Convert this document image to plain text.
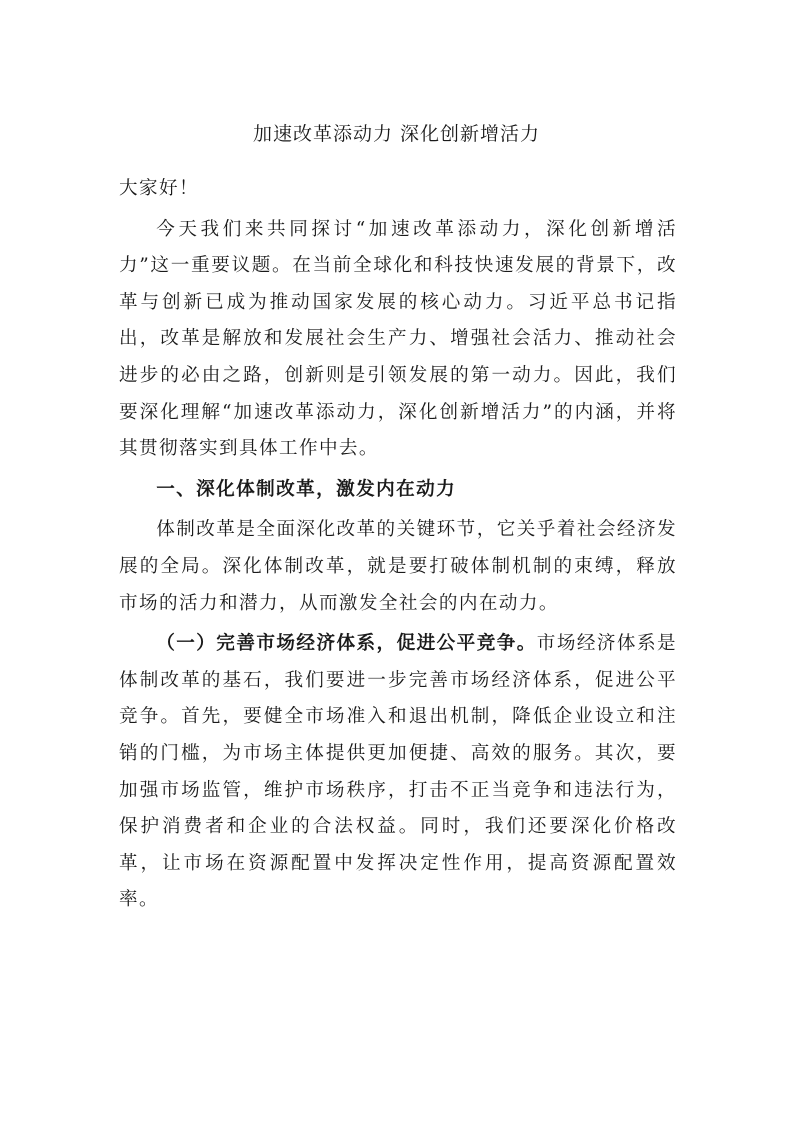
加速改革添动力 深化创新增活力

大家好！

今天我们来共同探讨“加速改革添动力，深化创新增活力”这一重要议题。在当前全球化和科技快速发展的背景下，改革与创新已成为推动国家发展的核心动力。习近平总书记指出，改革是解放和发展社会生产力、增强社会活力、推动社会进步的必由之路，创新则是引领发展的第一动力。因此，我们要深化理解“加速改革添动力，深化创新增活力”的内涵，并将其贯彻落实到具体工作中去。

一、深化体制改革，激发内在动力

体制改革是全面深化改革的关键环节，它关乎着社会经济发展的全局。深化体制改革，就是要打破体制机制的束缚，释放市场的活力和潜力，从而激发全社会的内在动力。

（一）完善市场经济体系，促进公平竞争。市场经济体系是体制改革的基石，我们要进一步完善市场经济体系，促进公平竞争。首先，要健全市场准入和退出机制，降低企业设立和注销的门槛，为市场主体提供更加便捷、高效的服务。其次，要加强市场监管，维护市场秩序，打击不正当竞争和违法行为，保护消费者和企业的合法权益。同时，我们还要深化价格改革，让市场在资源配置中发挥决定性作用，提高资源配置效率。
